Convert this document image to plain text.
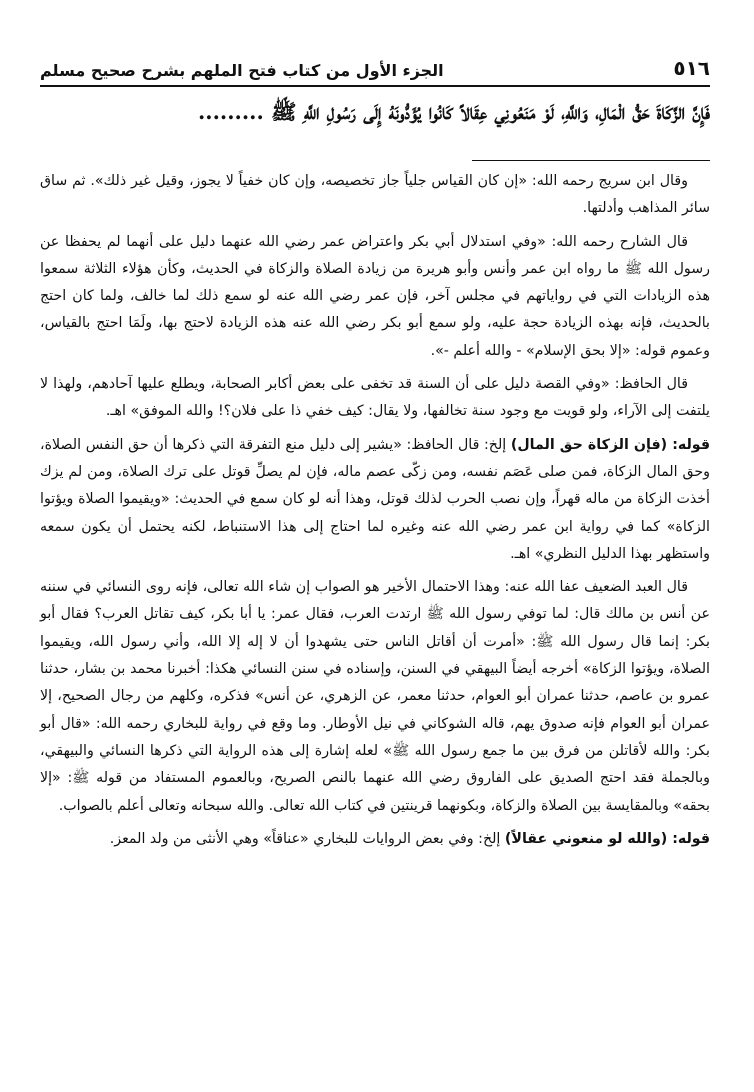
٥١٦
الجزء الأول من كتاب فتح الملهم بشرح صحيح مسلم
فَإِنَّ الزَّكَاةَ حَقُّ الْمَالِ، وَاللَّهِ، لَوْ مَنَعُونِي عِقَالاً كَانُوا يُؤَدُّونَهُ إِلَى رَسُولِ اللَّهِ ﷺ .........

وقال ابن سريج رحمه الله: «إن كان القياس جلياً جاز تخصيصه، وإن كان خفياً لا يجوز، وقيل غير ذلك». ثم ساق سائر المذاهب وأدلتها.

قال الشارح رحمه الله: «وفي استدلال أبي بكر واعتراض عمر رضي الله عنهما دليل على أنهما لم يحفظا عن رسول الله ﷺ ما رواه ابن عمر وأنس وأبو هريرة من زيادة الصلاة والزكاة في الحديث، وكأن هؤلاء الثلاثة سمعوا هذه الزيادات التي في رواياتهم في مجلس آخر، فإن عمر رضي الله عنه لو سمع ذلك لما خالف، ولما كان احتج بالحديث، فإنه بهذه الزيادة حجة عليه، ولو سمع أبو بكر رضي الله عنه هذه الزيادة لاحتج بها، ولَمَا احتج بالقياس، وعموم قوله: «إلا بحق الإسلام» - والله أعلم -».

قال الحافظ: «وفي القصة دليل على أن السنة قد تخفى على بعض أكابر الصحابة، ويطلع عليها آحادهم، ولهذا لا يلتفت إلى الآراء، ولو قويت مع وجود سنة تخالفها، ولا يقال: كيف خفي ذا على فلان؟! والله الموفق» اهـ.

قوله: (فإن الزكاة حق المال) إلخ: قال الحافظ: «يشير إلى دليل منع التفرقة التي ذكرها أن حق النفس الصلاة، وحق المال الزكاة، فمن صلى عَصَم نفسه، ومن زكّى عصم ماله، فإن لم يصلِّ قوتل على ترك الصلاة، ومن لم يزك أخذت الزكاة من ماله قهراً، وإن نصب الحرب لذلك قوتل، وهذا أنه لو كان سمع في الحديث: «ويقيموا الصلاة ويؤتوا الزكاة» كما في رواية ابن عمر رضي الله عنه وغيره لما احتاج إلى هذا الاستنباط، لكنه يحتمل أن يكون سمعه واستظهر بهذا الدليل النظري» اهـ.

قال العبد الضعيف عفا الله عنه: وهذا الاحتمال الأخير هو الصواب إن شاء الله تعالى، فإنه روى النسائي في سننه عن أنس بن مالك قال: لما توفي رسول الله ﷺ ارتدت العرب، فقال عمر: يا أبا بكر، كيف تقاتل العرب؟ فقال أبو بكر: إنما قال رسول الله ﷺ: «أمرت أن أقاتل الناس حتى يشهدوا أن لا إله إلا الله، وأني رسول الله، ويقيموا الصلاة، ويؤتوا الزكاة» أخرجه أيضاً البيهقي في السنن، وإسناده في سنن النسائي هكذا: أخبرنا محمد بن بشار، حدثنا عمرو بن عاصم، حدثنا عمران أبو العوام، حدثنا معمر، عن الزهري، عن أنس» فذكره، وكلهم من رجال الصحيح، إلا عمران أبو العوام فإنه صدوق يهم، قاله الشوكاني في نيل الأوطار. وما وقع في رواية للبخاري رحمه الله: «قال أبو بكر: والله لأقاتلن من فرق بين ما جمع رسول الله ﷺ» لعله إشارة إلى هذه الرواية التي ذكرها النسائي والبيهقي، وبالجملة فقد احتج الصديق على الفاروق رضي الله عنهما بالنص الصريح، وبالعموم المستفاد من قوله ﷺ: «إلا بحقه» وبالمقايسة بين الصلاة والزكاة، وبكونهما قرينتين في كتاب الله تعالى. والله سبحانه وتعالى أعلم بالصواب.

قوله: (والله لو منعوني عقالاً) إلخ: وفي بعض الروايات للبخاري «عناقاً» وهي الأنثى من ولد المعز.
